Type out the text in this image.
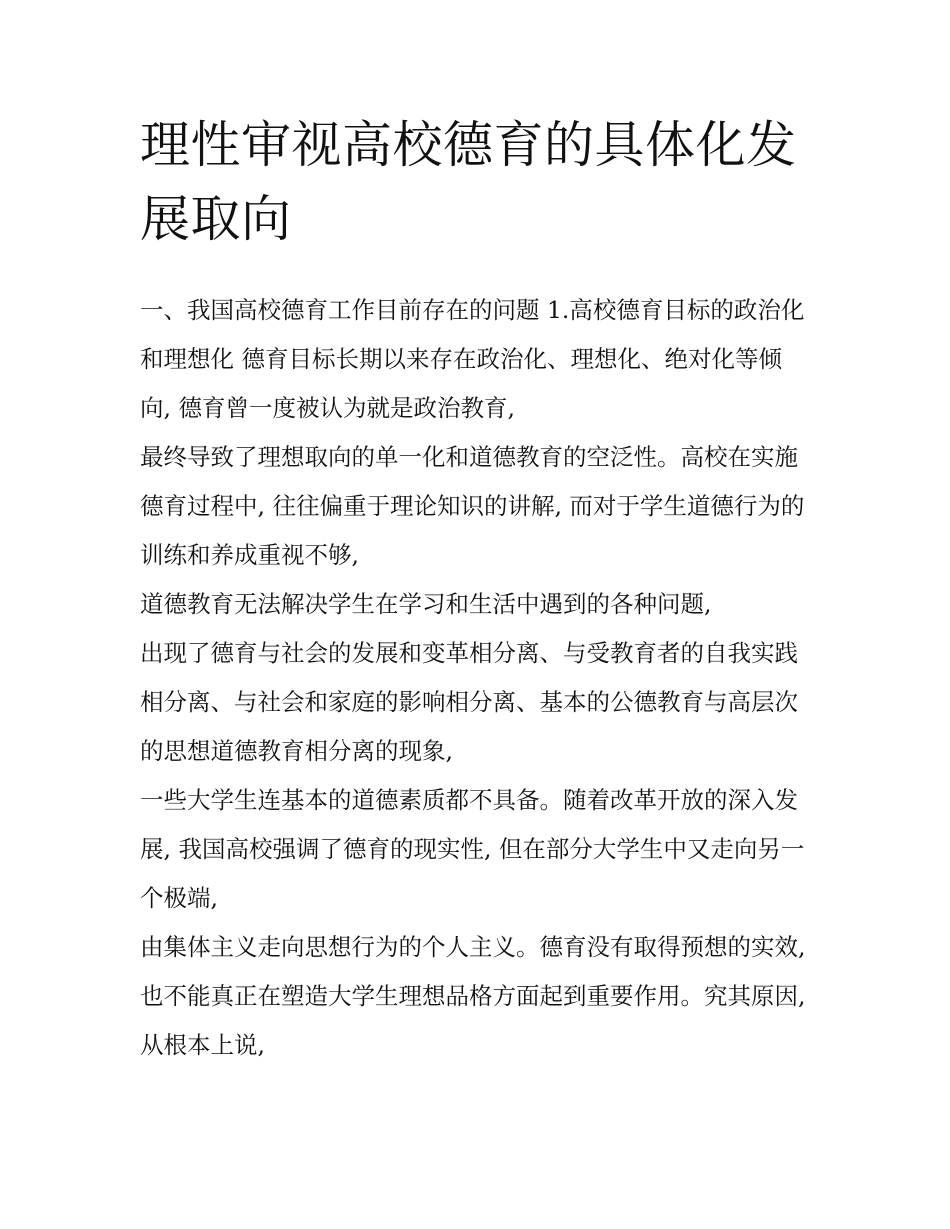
理性审视高校德育的具体化发展取向

一、我国高校德育工作目前存在的问题 1.高校德育目标的政治化和理想化 德育目标长期以来存在政治化、理想化、绝对化等倾向, 德育曾一度被认为就是政治教育,

最终导致了理想取向的单一化和道德教育的空泛性。高校在实施德育过程中, 往往偏重于理论知识的讲解, 而对于学生道德行为的训练和养成重视不够,

道德教育无法解决学生在学习和生活中遇到的各种问题,

出现了德育与社会的发展和变革相分离、与受教育者的自我实践相分离、与社会和家庭的影响相分离、基本的公德教育与高层次的思想道德教育相分离的现象,

一些大学生连基本的道德素质都不具备。随着改革开放的深入发展, 我国高校强调了德育的现实性, 但在部分大学生中又走向另一个极端,

由集体主义走向思想行为的个人主义。德育没有取得预想的实效, 也不能真正在塑造大学生理想品格方面起到重要作用。究其原因, 从根本上说,
